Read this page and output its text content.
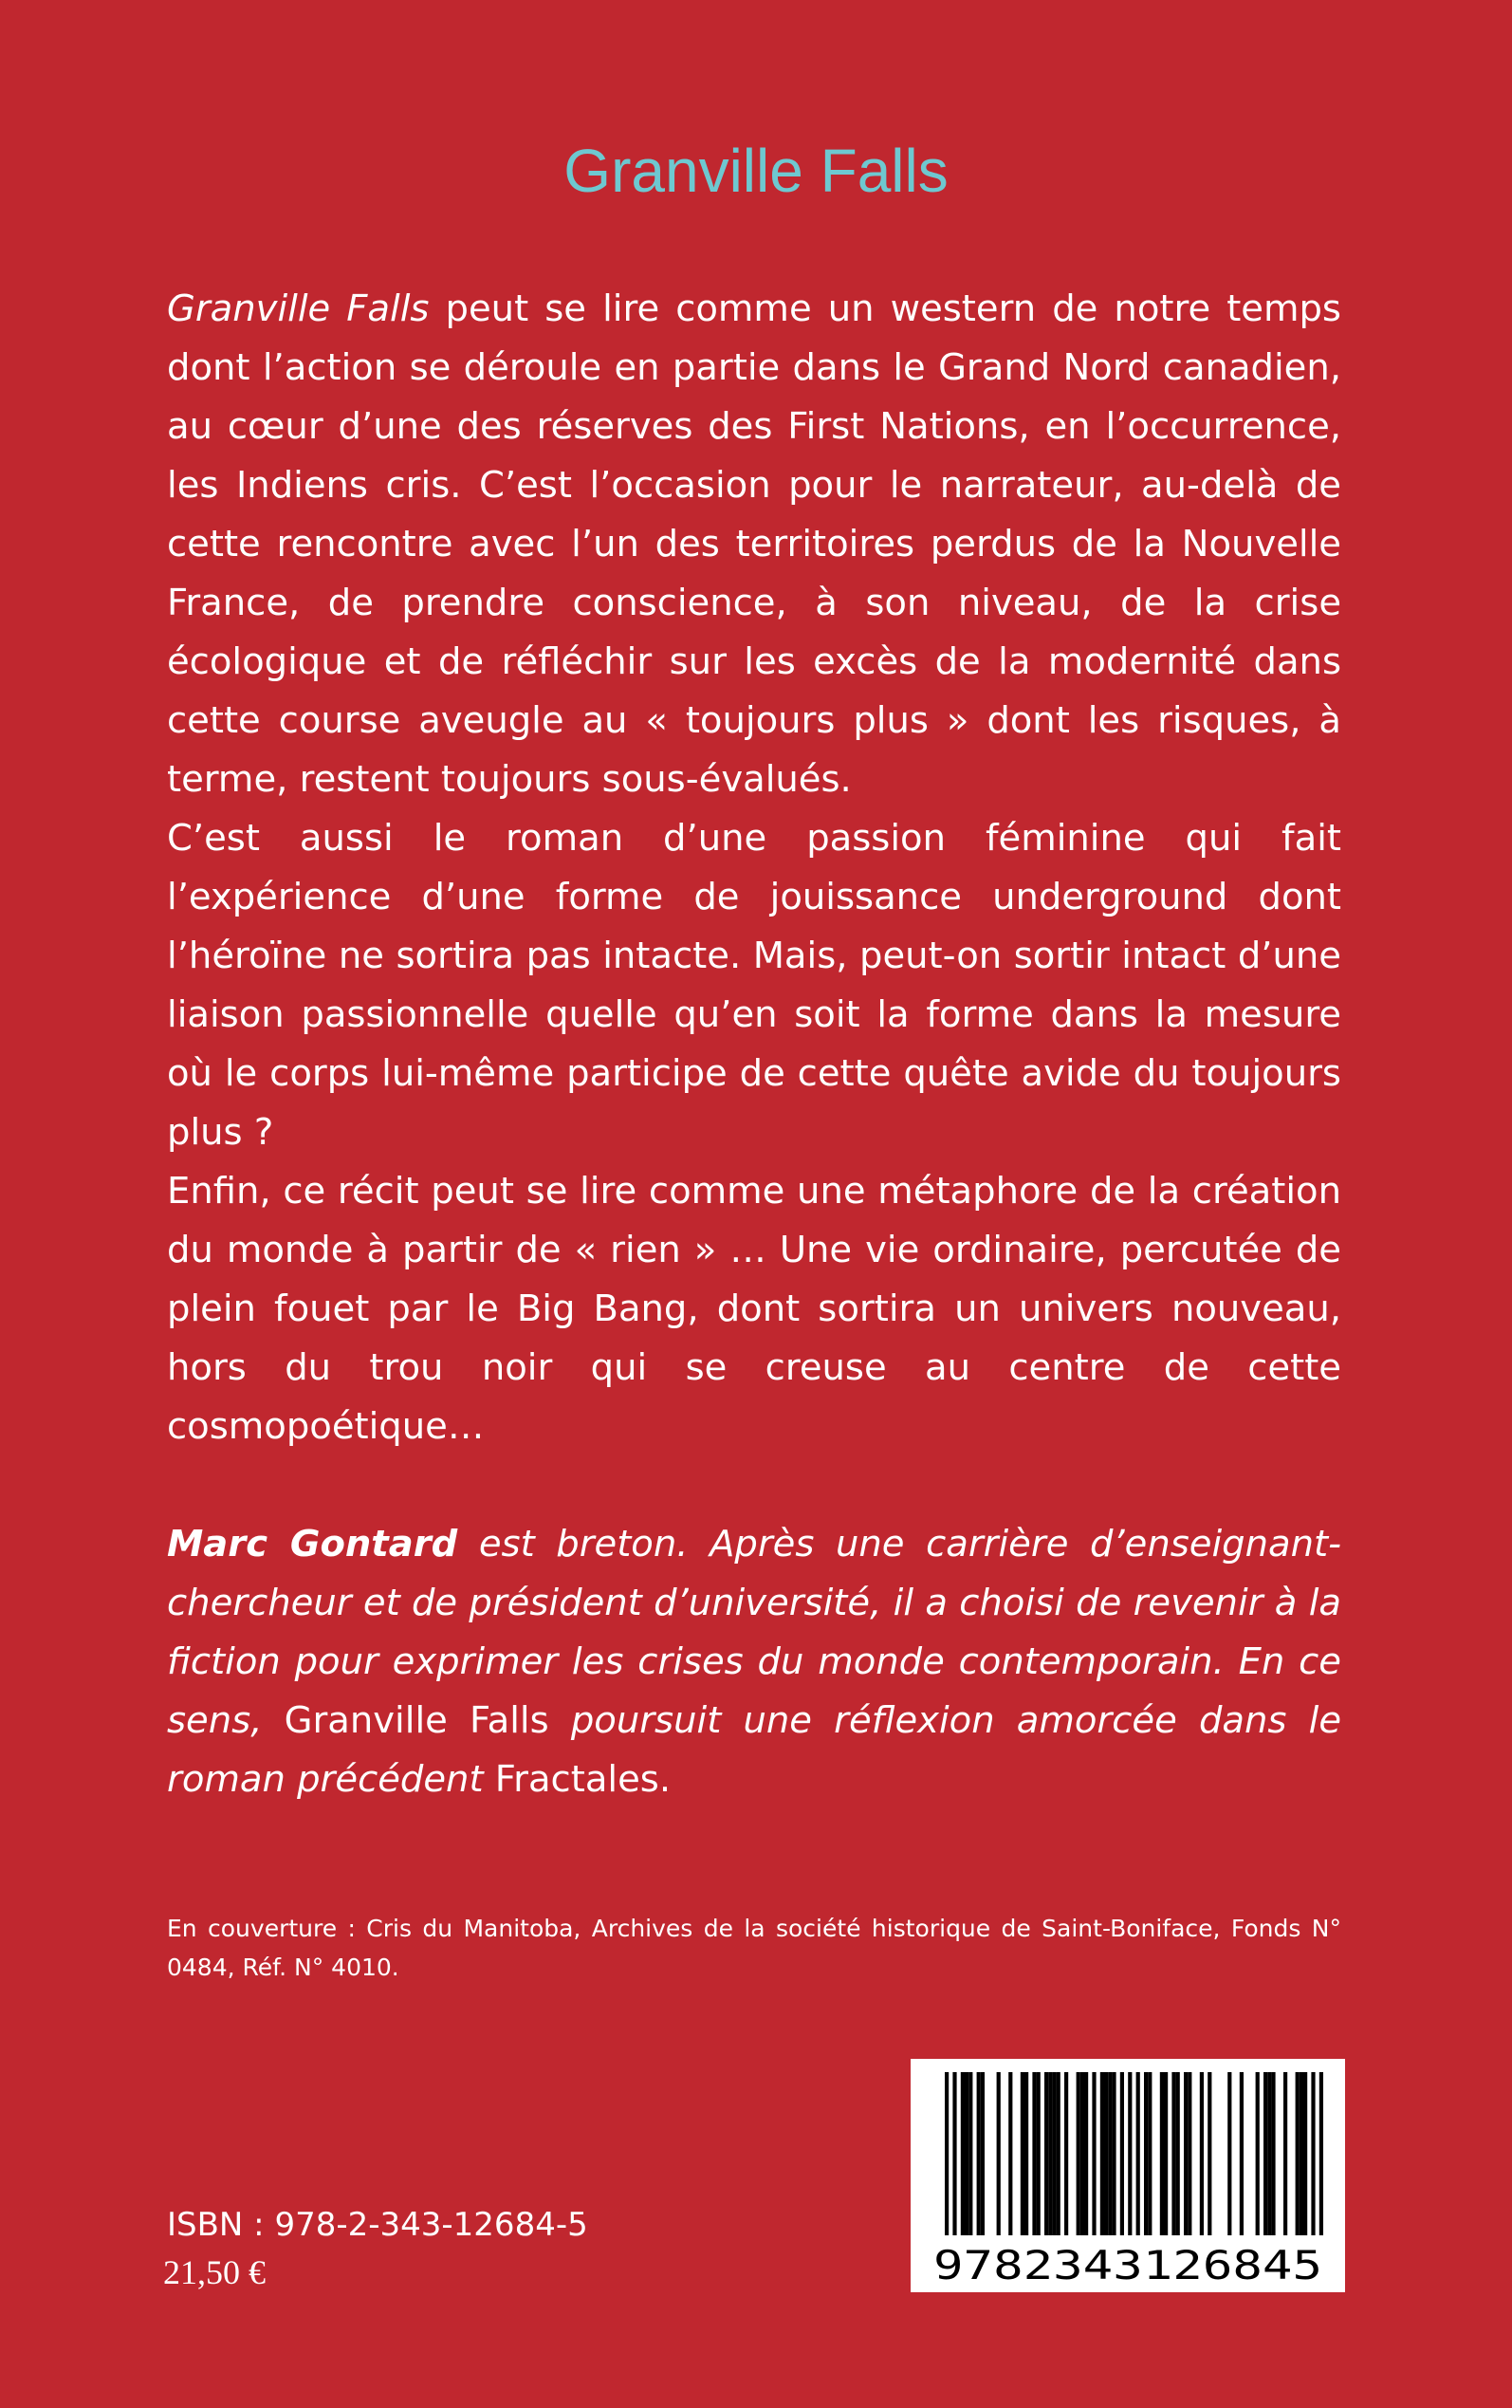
Granville Falls

Granville Falls peut se lire comme un western de notre temps dont l’action se déroule en partie dans le Grand Nord canadien, au cœur d’une des réserves des First Nations, en l’occurrence, les Indiens cris. C’est l’occasion pour le narrateur, au-delà de cette rencontre avec l’un des territoires perdus de la Nouvelle France, de prendre conscience, à son niveau, de la crise écologique et de réfléchir sur les excès de la modernité dans cette course aveugle au « toujours plus » dont les risques, à terme, restent toujours sous-évalués.

C’est aussi le roman d’une passion féminine qui fait l’expérience d’une forme de jouissance underground dont l’héroïne ne sortira pas intacte. Mais, peut-on sortir intact d’une liaison passionnelle quelle qu’en soit la forme dans la mesure où le corps lui-même participe de cette quête avide du toujours plus ?

Enfin, ce récit peut se lire comme une métaphore de la création du monde à partir de « rien » … Une vie ordinaire, percutée de plein fouet par le Big Bang, dont sortira un univers nouveau, hors du trou noir qui se creuse au centre de cette cosmopoétique…

Marc Gontard est breton. Après une carrière d’enseignant-chercheur et de président d’université, il a choisi de revenir à la fiction pour exprimer les crises du monde contemporain. En ce sens, Granville Falls poursuit une réflexion amorcée dans le roman précédent Fractales.

En couverture : Cris du Manitoba, Archives de la société historique de Saint-Boniface, Fonds N° 0484, Réf. N° 4010.

9782343126845

ISBN : 978-2-343-12684-5

21,50 €
